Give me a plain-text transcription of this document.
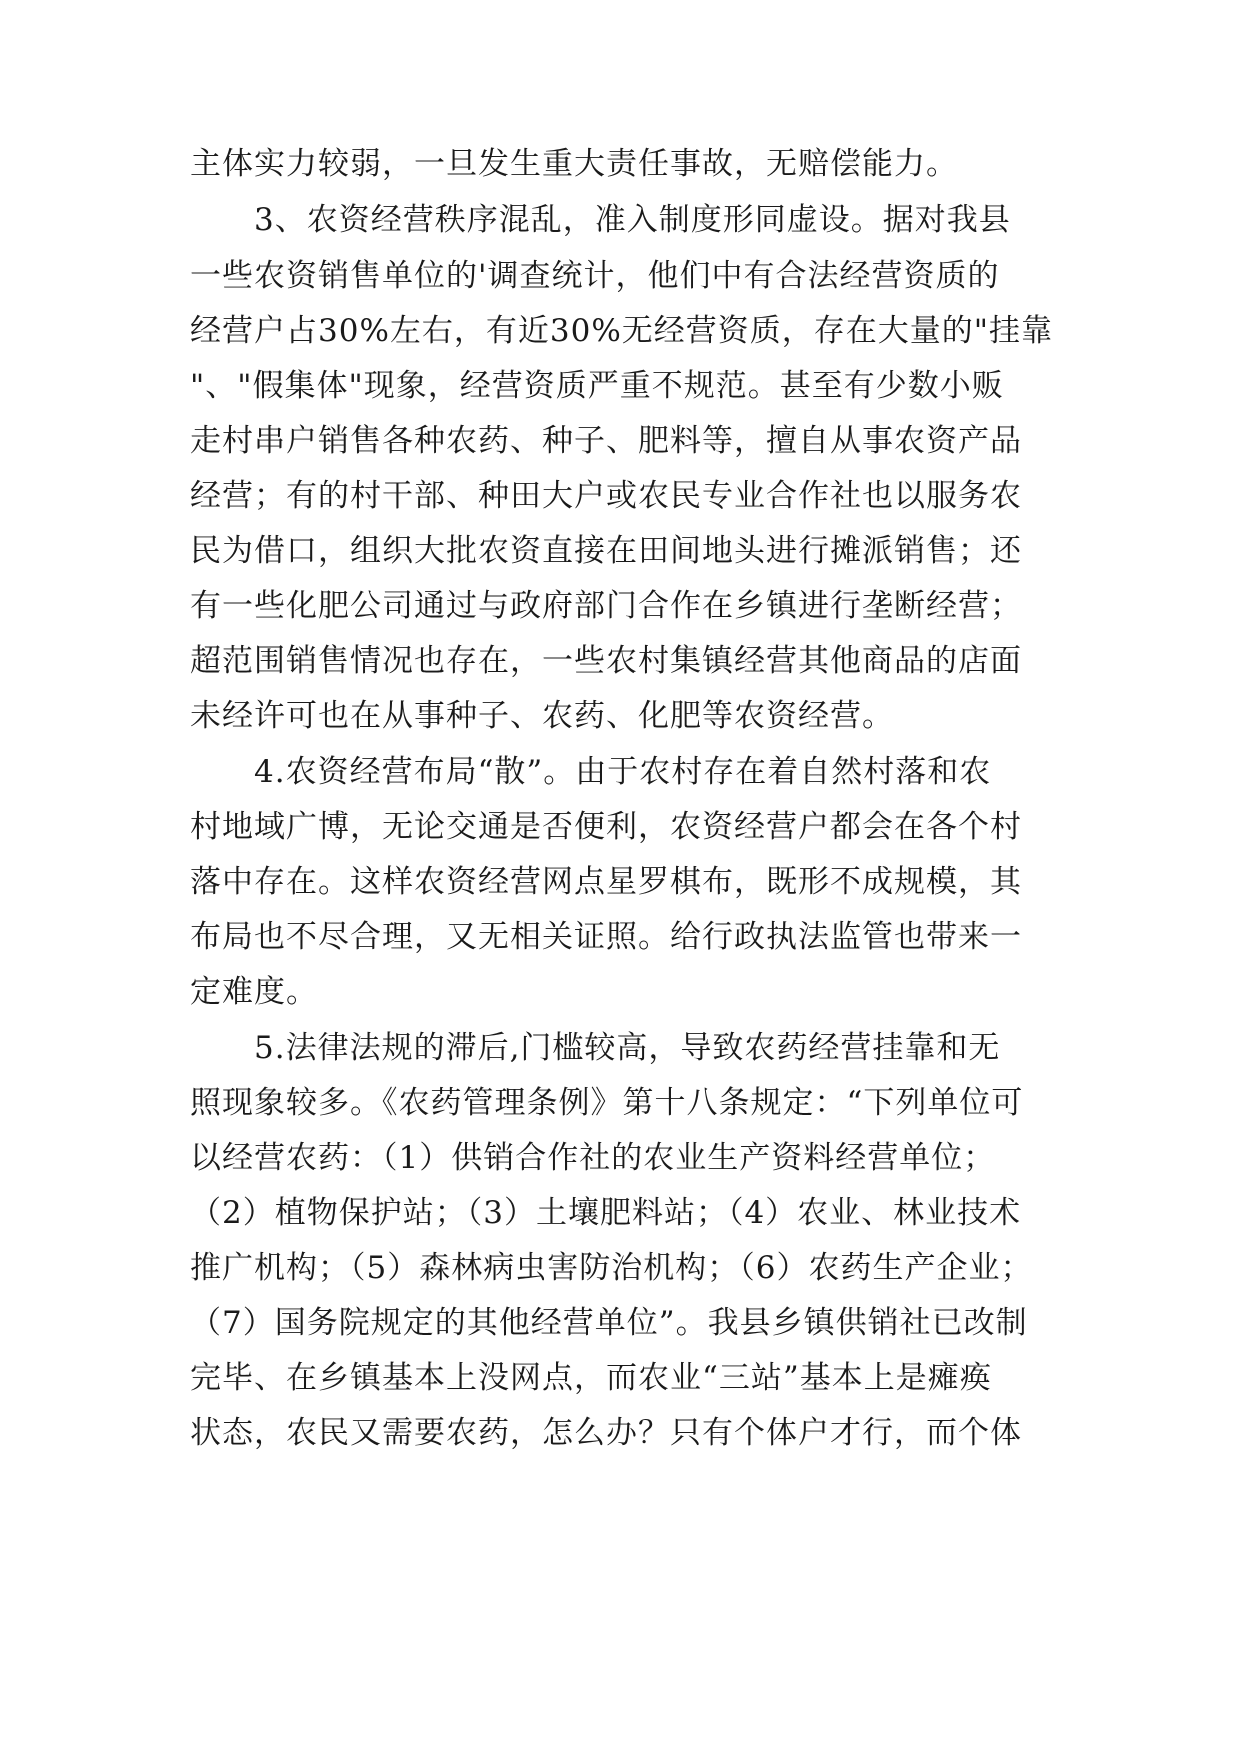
主体实力较弱，一旦发生重大责任事故，无赔偿能力。
3、农资经营秩序混乱，准入制度形同虚设。据对我县
一些农资销售单位的'调查统计，他们中有合法经营资质的
经营户占30%左右，有近30%无经营资质，存在大量的"挂靠
"、"假集体"现象，经营资质严重不规范。甚至有少数小贩
走村串户销售各种农药、种子、肥料等，擅自从事农资产品
经营；有的村干部、种田大户或农民专业合作社也以服务农
民为借口，组织大批农资直接在田间地头进行摊派销售；还
有一些化肥公司通过与政府部门合作在乡镇进行垄断经营；
超范围销售情况也存在，一些农村集镇经营其他商品的店面
未经许可也在从事种子、农药、化肥等农资经营。
4.农资经营布局“散”。由于农村存在着自然村落和农
村地域广博，无论交通是否便利，农资经营户都会在各个村
落中存在。这样农资经营网点星罗棋布，既形不成规模，其
布局也不尽合理，又无相关证照。给行政执法监管也带来一
定难度。
5.法律法规的滞后,门槛较高，导致农药经营挂靠和无
照现象较多。《农药管理条例》第十八条规定：“下列单位可
以经营农药：（1）供销合作社的农业生产资料经营单位；
（2）植物保护站；（3）土壤肥料站；（4）农业、林业技术
推广机构；（5）森林病虫害防治机构；（6）农药生产企业；
（7）国务院规定的其他经营单位”。我县乡镇供销社已改制
完毕、在乡镇基本上没网点，而农业“三站”基本上是瘫痪
状态，农民又需要农药，怎么办？只有个体户才行，而个体
